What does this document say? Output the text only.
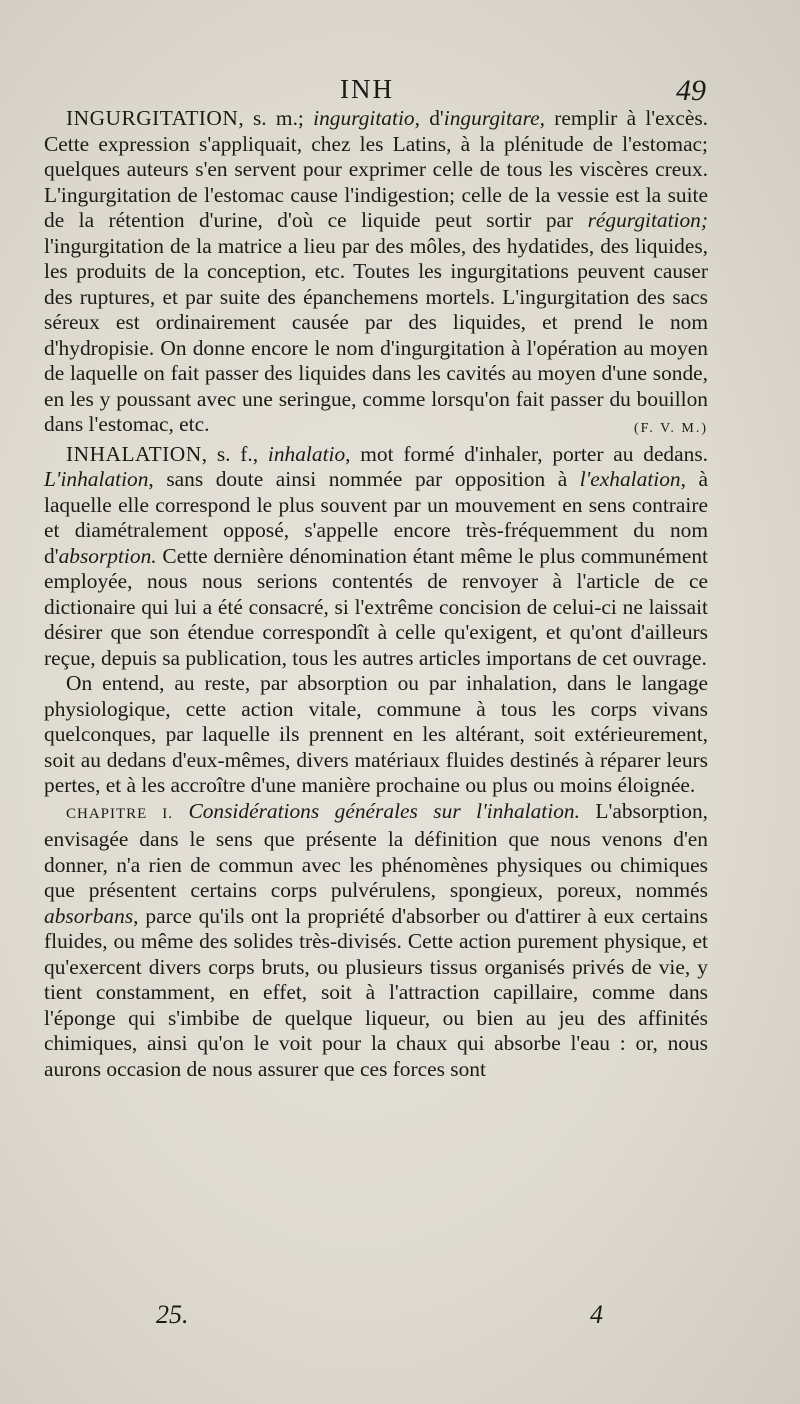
INH	49

INGURGITATION, s. m.; ingurgitatio, d'ingurgitare, remplir à l'excès. Cette expression s'appliquait, chez les Latins, à la plénitude de l'estomac; quelques auteurs s'en servent pour exprimer celle de tous les viscères creux. L'ingurgitation de l'estomac cause l'indigestion; celle de la vessie est la suite de la rétention d'urine, d'où ce liquide peut sortir par régurgitation; l'ingurgitation de la matrice a lieu par des môles, des hydatides, des liquides, les produits de la conception, etc. Toutes les ingurgitations peuvent causer des ruptures, et par suite des épanchemens mortels. L'ingurgitation des sacs séreux est ordinairement causée par des liquides, et prend le nom d'hydropisie. On donne encore le nom d'ingurgitation à l'opération au moyen de laquelle on fait passer des liquides dans les cavités au moyen d'une sonde, en les y poussant avec une seringue, comme lorsqu'on fait passer du bouillon dans l'estomac, etc.	(F. V. M.)

INHALATION, s. f., inhalatio, mot formé d'inhaler, porter au dedans. L'inhalation, sans doute ainsi nommée par opposition à l'exhalation, à laquelle elle correspond le plus souvent par un mouvement en sens contraire et diamétralement opposé, s'appelle encore très-fréquemment du nom d'absorption. Cette dernière dénomination étant même le plus communément employée, nous nous serions contentés de renvoyer à l'article de ce dictionaire qui lui a été consacré, si l'extrême concision de celui-ci ne laissait désirer que son étendue correspondît à celle qu'exigent, et qu'ont d'ailleurs reçue, depuis sa publication, tous les autres articles importans de cet ouvrage.

On entend, au reste, par absorption ou par inhalation, dans le langage physiologique, cette action vitale, commune à tous les corps vivans quelconques, par laquelle ils prennent en les altérant, soit extérieurement, soit au dedans d'eux-mêmes, divers matériaux fluides destinés à réparer leurs pertes, et à les accroître d'une manière prochaine ou plus ou moins éloignée.

CHAPITRE I. Considérations générales sur l'inhalation. L'absorption, envisagée dans le sens que présente la définition que nous venons d'en donner, n'a rien de commun avec les phénomènes physiques ou chimiques que présentent certains corps pulvérulens, spongieux, poreux, nommés absorbans, parce qu'ils ont la propriété d'absorber ou d'attirer à eux certains fluides, ou même des solides très-divisés. Cette action purement physique, et qu'exercent divers corps bruts, ou plusieurs tissus organisés privés de vie, y tient constamment, en effet, soit à l'attraction capillaire, comme dans l'éponge qui s'imbibe de quelque liqueur, ou bien au jeu des affinités chimiques, ainsi qu'on le voit pour la chaux qui absorbe l'eau : or, nous aurons occasion de nous assurer que ces forces sont

25.	4
